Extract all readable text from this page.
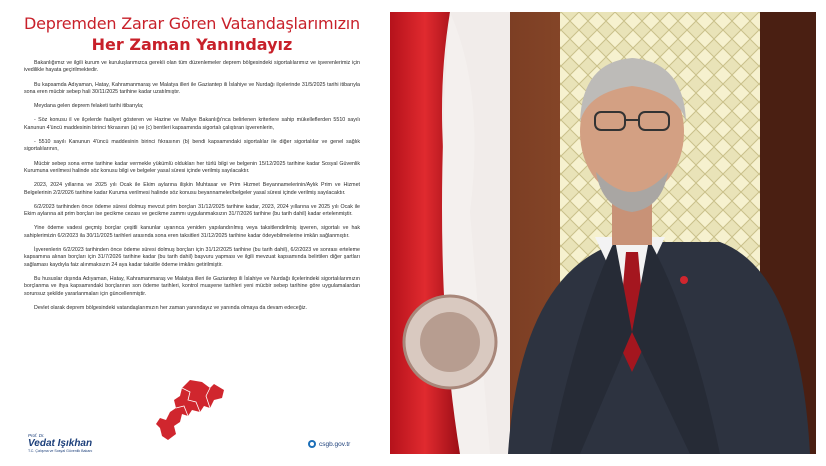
Depremden Zarar Gören Vatandaşlarımızın
Her Zaman Yanındayız

Bakanlığımız ve ilgili kurum ve kuruluşlarımızca gerekli olan tüm düzenlemeler deprem bölgesindeki sigortalılarımız ve işverenlerimiz için ivedilikle hayata geçirilmektedir.

Bu kapsamda Adıyaman, Hatay, Kahramanmaraş ve Malatya illeri ile Gaziantep ili İslahiye ve Nurdağı ilçelerinde 31/5/2025 tarihi itibarıyla sona eren mücbir sebep hali 30/11/2025 tarihine kadar uzatılmıştır.

Meydana gelen deprem felaketi tarihi itibarıyla;

- Söz konusu il ve ilçelerde faaliyet gösteren ve Hazine ve Maliye Bakanlığı'nca belirlenen kriterlere sahip mükelleflerden 5510 sayılı Kanunun 4'üncü maddesinin birinci fıkrasının (a) ve (c) bentleri kapsamında sigortalı çalıştıran işverenlerin,

- 5510 sayılı Kanunun 4'üncü maddesinin birinci fıkrasının (b) bendi kapsamındaki sigortalılar ile diğer sigortalılar ve genel sağlık sigortalılarının,

Mücbir sebep sona erme tarihine kadar vermekle yükümlü oldukları her türlü bilgi ve belgenin 15/12/2025 tarihine kadar Sosyal Güvenlik Kurumuna verilmesi halinde söz konusu bilgi ve belgeler yasal süresi içinde verilmiş sayılacaktır.

2023, 2024 yıllarına ve 2025 yılı Ocak ile Ekim aylarına ilişkin Muhtasar ve Prim Hizmet Beyannamelerinin/Aylık Prim ve Hizmet Belgelerinin 2/2/2026 tarihine kadar Kuruma verilmesi halinde söz konusu beyannameler/belgeler yasal süresi içinde verilmiş sayılacaktır.

6/2/2023 tarihinden önce ödeme süresi dolmuş mevcut prim borçları 31/12/2025 tarihine kadar, 2023, 2024 yıllarına ve 2025 yılı Ocak ile Ekim aylarına ait prim borçları ise gecikme cezası ve gecikme zammı uygulanmaksızın 31/7/2026 tarihine (bu tarih dahil) kadar ertelenmiştir.

Yine ödeme vadesi geçmiş borçlar çeşitli kanunlar uyarınca yeniden yapılandırılmış veya taksitlendirilmiş işveren, sigortalı ve hak sahiplerimizin 6/2/2023 ila 30/11/2025 tarihleri arasında sona eren taksitleri 31/12/2025 tarihine kadar ödeyebilmelerine imkân sağlanmıştır.

İşverenlerin 6/2/2023 tarihinden önce ödeme süresi dolmuş borçları için 31/12/2025 tarihine (bu tarih dahil), 6/2/2023 ve sonrası erteleme kapsamına alınan borçları için 31/7/2026 tarihine kadar (bu tarih dahil) başvuru yapması ve ilgili mevzuat kapsamında belirtilen diğer şartları sağlaması kaydıyla faiz alınmaksızın 24 aya kadar taksitle ödeme imkânı getirilmiştir.

Bu hususlar dışında Adıyaman, Hatay, Kahramanmaraş ve Malatya illeri ile Gaziantep ili İslahiye ve Nurdağı ilçelerindeki sigortalılarımızın borçlanma ve ihya kapsamındaki borçlarının son ödeme tarihleri, kontrol muayene tarihleri yeni mücbir sebep tarihine göre uygulamalardan sorunsuz şekilde yararlanmaları için güncellenmiştir.

Devlet olarak deprem bölgesindeki vatandaşlarımızın her zaman yanındayız ve yanında olmaya da devam edeceğiz.

Prof. Dr.
Vedat Işıkhan
T.C. Çalışma ve Sosyal Güvenlik Bakanı
csgb.gov.tr
